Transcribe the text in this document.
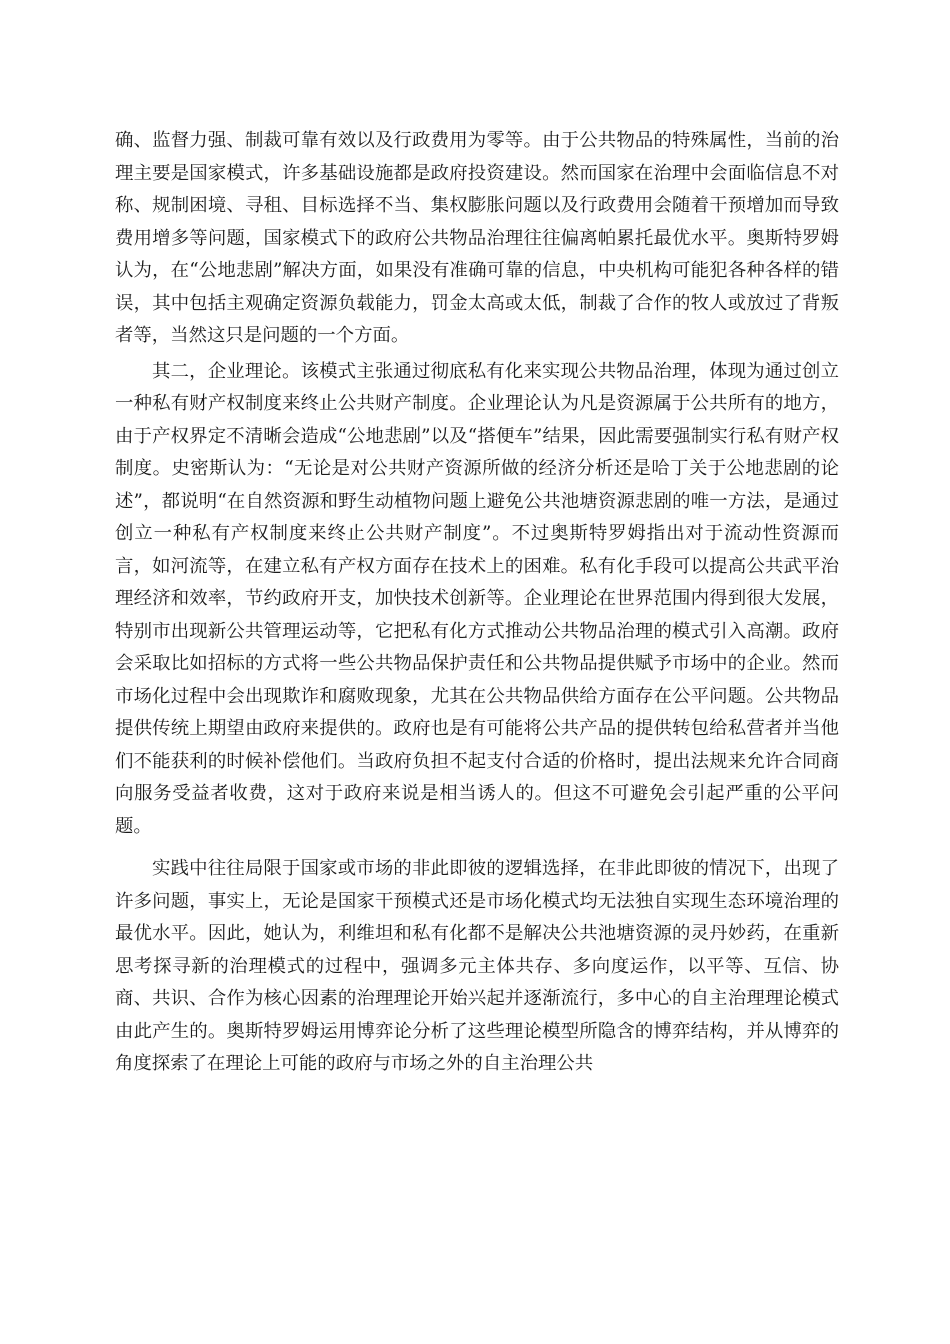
确、监督力强、制裁可靠有效以及行政费用为零等。由于公共物品的特殊属性，当前的治理主要是国家模式，许多基础设施都是政府投资建设。然而国家在治理中会面临信息不对称、规制困境、寻租、目标选择不当、集权膨胀问题以及行政费用会随着干预增加而导致费用增多等问题，国家模式下的政府公共物品治理往往偏离帕累托最优水平。奥斯特罗姆认为，在“公地悲剧”解决方面，如果没有准确可靠的信息，中央机构可能犯各种各样的错误，其中包括主观确定资源负载能力，罚金太高或太低，制裁了合作的牧人或放过了背叛者等，当然这只是问题的一个方面。

其二，企业理论。该模式主张通过彻底私有化来实现公共物品治理，体现为通过创立一种私有财产权制度来终止公共财产制度。企业理论认为凡是资源属于公共所有的地方，由于产权界定不清晰会造成“公地悲剧”以及“搭便车”结果，因此需要强制实行私有财产权制度。史密斯认为：“无论是对公共财产资源所做的经济分析还是哈丁关于公地悲剧的论述”，都说明“在自然资源和野生动植物问题上避免公共池塘资源悲剧的唯一方法，是通过创立一种私有产权制度来终止公共财产制度”。不过奥斯特罗姆指出对于流动性资源而言，如河流等，在建立私有产权方面存在技术上的困难。私有化手段可以提高公共武平治理经济和效率，节约政府开支，加快技术创新等。企业理论在世界范围内得到很大发展，特别市出现新公共管理运动等，它把私有化方式推动公共物品治理的模式引入高潮。政府会采取比如招标的方式将一些公共物品保护责任和公共物品提供赋予市场中的企业。然而市场化过程中会出现欺诈和腐败现象，尤其在公共物品供给方面存在公平问题。公共物品提供传统上期望由政府来提供的。政府也是有可能将公共产品的提供转包给私营者并当他们不能获利的时候补偿他们。当政府负担不起支付合适的价格时，提出法规来允许合同商向服务受益者收费，这对于政府来说是相当诱人的。但这不可避免会引起严重的公平问题。

实践中往往局限于国家或市场的非此即彼的逻辑选择，在非此即彼的情况下，出现了许多问题，事实上，无论是国家干预模式还是市场化模式均无法独自实现生态环境治理的最优水平。因此，她认为，利维坦和私有化都不是解决公共池塘资源的灵丹妙药，在重新思考探寻新的治理模式的过程中，强调多元主体共存、多向度运作，以平等、互信、协商、共识、合作为核心因素的治理理论开始兴起并逐渐流行，多中心的自主治理理论模式由此产生的。奥斯特罗姆运用博弈论分析了这些理论模型所隐含的博弈结构，并从博弈的角度探索了在理论上可能的政府与市场之外的自主治理公共
